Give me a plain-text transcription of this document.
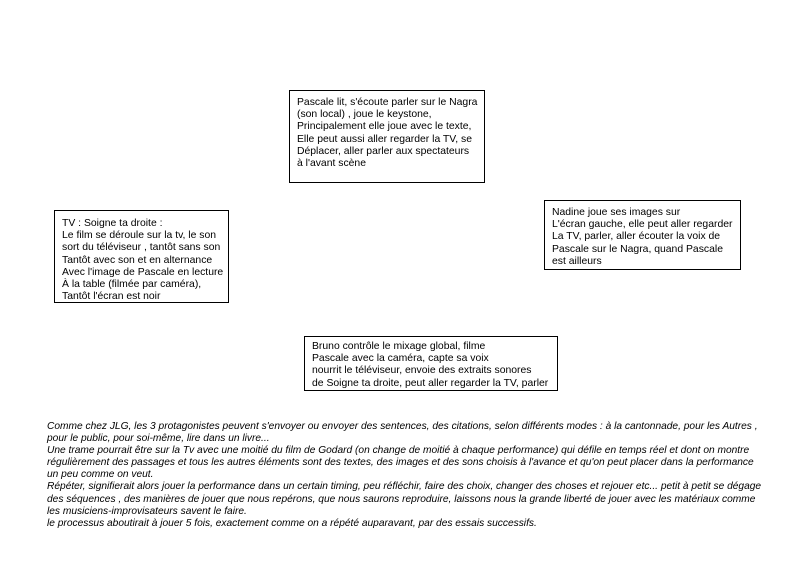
Pascale lit, s'écoute parler sur le Nagra
(son local) , joue le keystone,
Principalement elle joue avec le texte,
Elle peut aussi aller regarder la TV, se
Déplacer, aller parler aux spectateurs
à l'avant scène
TV : Soigne ta droite :
Le film se déroule sur la tv, le son
sort du téléviseur , tantôt sans son
Tantôt avec son et en alternance
Avec l'image de Pascale en lecture
À la table (filmée par caméra),
Tantôt l'écran est noir
Nadine joue ses images sur
L'écran gauche, elle peut aller regarder
La TV, parler, aller écouter la voix de
Pascale sur le Nagra, quand Pascale
est ailleurs
Bruno contrôle le mixage global, filme
Pascale avec la caméra, capte sa voix
nourrit le téléviseur, envoie des extraits sonores
de Soigne ta droite, peut aller regarder la TV, parler

Comme chez JLG, les 3 protagonistes peuvent s'envoyer ou envoyer des sentences, des citations, selon différents modes : à la cantonnade, pour les Autres , pour le public, pour soi-même, lire dans un livre...

Une trame pourrait être sur la Tv avec une moitié du film de Godard (on change de moitié à chaque performance) qui défile en temps réel et dont on montre régulièrement des passages et tous les autres éléments sont des textes, des images et des sons choisis à l'avance et qu'on peut placer dans la performance un peu comme on veut.

Répéter, signifierait alors jouer la performance dans un certain timing, peu réfléchir, faire des choix, changer des choses et rejouer etc... petit à petit se dégage des séquences , des manières de jouer que nous repérons, que nous saurons reproduire, laissons nous la grande liberté de jouer avec les matériaux comme les musiciens-improvisateurs savent le faire.

le processus aboutirait à jouer 5 fois, exactement comme on a répété auparavant, par des essais successifs.
